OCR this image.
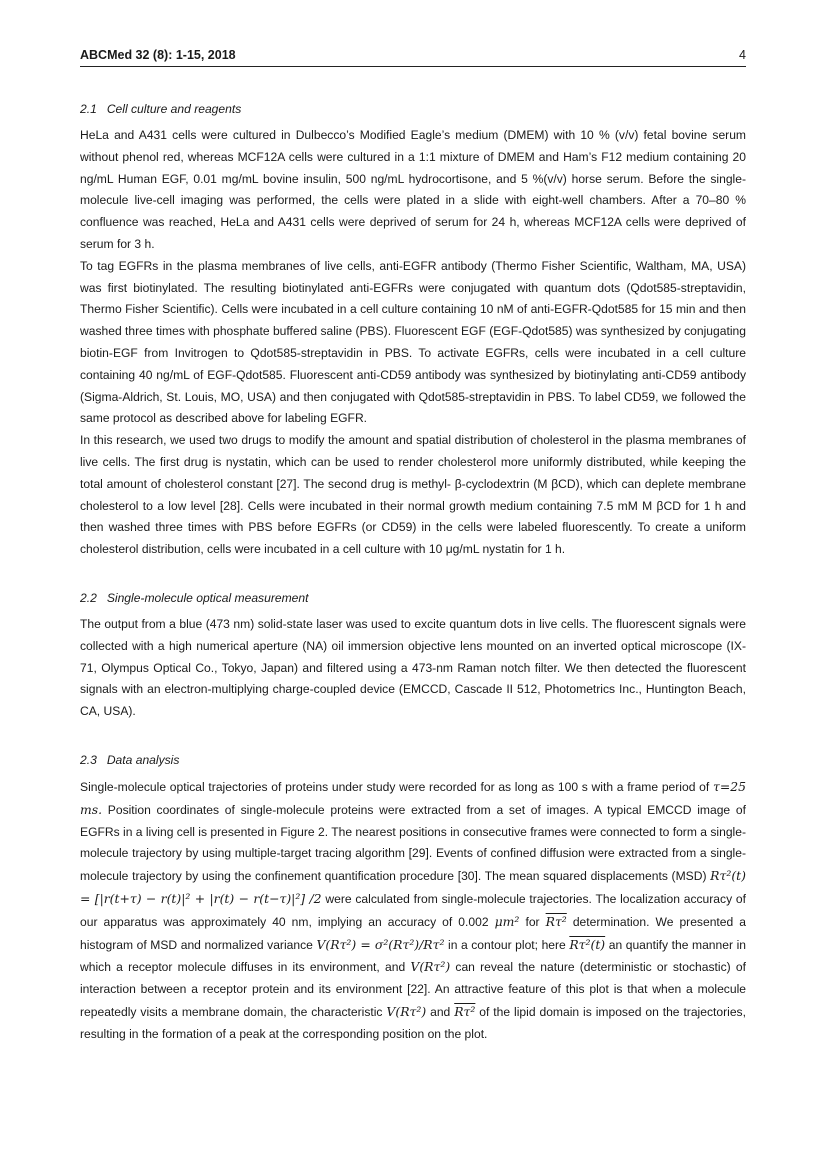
ABCMed 32 (8): 1-15, 2018	4
2.1 Cell culture and reagents

HeLa and A431 cells were cultured in Dulbecco’s Modified Eagle’s medium (DMEM) with 10 % (v/v) fetal bovine serum without phenol red, whereas MCF12A cells were cultured in a 1:1 mixture of DMEM and Ham’s F12 medium containing 20 ng/mL Human EGF, 0.01 mg/mL bovine insulin, 500 ng/mL hydrocortisone, and 5 %(v/v) horse serum. Before the single-molecule live-cell imaging was performed, the cells were plated in a slide with eight-well chambers. After a 70–80 % confluence was reached, HeLa and A431 cells were deprived of serum for 24 h, whereas MCF12A cells were deprived of serum for 3 h.

To tag EGFRs in the plasma membranes of live cells, anti-EGFR antibody (Thermo Fisher Scientific, Waltham, MA, USA) was first biotinylated. The resulting biotinylated anti-EGFRs were conjugated with quantum dots (Qdot585-streptavidin, Thermo Fisher Scientific). Cells were incubated in a cell culture containing 10 nM of anti-EGFR-Qdot585 for 15 min and then washed three times with phosphate buffered saline (PBS). Fluorescent EGF (EGF-Qdot585) was synthesized by conjugating biotin-EGF from Invitrogen to Qdot585-streptavidin in PBS. To activate EGFRs, cells were incubated in a cell culture containing 40 ng/mL of EGF-Qdot585. Fluorescent anti-CD59 antibody was synthesized by biotinylating anti-CD59 antibody (Sigma-Aldrich, St. Louis, MO, USA) and then conjugated with Qdot585-streptavidin in PBS. To label CD59, we followed the same protocol as described above for labeling EGFR.

In this research, we used two drugs to modify the amount and spatial distribution of cholesterol in the plasma membranes of live cells. The first drug is nystatin, which can be used to render cholesterol more uniformly distributed, while keeping the total amount of cholesterol constant [27]. The second drug is methyl- β-cyclodextrin (M βCD), which can deplete membrane cholesterol to a low level [28]. Cells were incubated in their normal growth medium containing 7.5 mM M βCD for 1 h and then washed three times with PBS before EGFRs (or CD59) in the cells were labeled fluorescently. To create a uniform cholesterol distribution, cells were incubated in a cell culture with 10 μg/mL nystatin for 1 h.

2.2 Single-molecule optical measurement

The output from a blue (473 nm) solid-state laser was used to excite quantum dots in live cells. The fluorescent signals were collected with a high numerical aperture (NA) oil immersion objective lens mounted on an inverted optical microscope (IX-71, Olympus Optical Co., Tokyo, Japan) and filtered using a 473-nm Raman notch filter. We then detected the fluorescent signals with an electron-multiplying charge-coupled device (EMCCD, Cascade II 512, Photometrics Inc., Huntington Beach, CA, USA).

2.3 Data analysis

Single-molecule optical trajectories of proteins under study were recorded for as long as 100 s with a frame period of τ=25 ms. Position coordinates of single-molecule proteins were extracted from a set of images. A typical EMCCD image of EGFRs in a living cell is presented in Figure 2. The nearest positions in consecutive frames were connected to form a single-molecule trajectory by using multiple-target tracing algorithm [29]. Events of confined diffusion were extracted from a single-molecule trajectory by using the confinement quantification procedure [30]. The mean squared displacements (MSD) Rτ²(t) = [|r(t+τ) − r(t)|² + |r(t) − r(t−τ)|²] /2 were calculated from single-molecule trajectories. The localization accuracy of our apparatus was approximately 40 nm, implying an accuracy of 0.002 μm² for Rτ² determination. We presented a histogram of MSD and normalized variance V(Rτ²) = σ²(Rτ²)/Rτ² in a contour plot; here Rτ²(t) an quantify the manner in which a receptor molecule diffuses in its environment, and V(Rτ²) can reveal the nature (deterministic or stochastic) of interaction between a receptor protein and its environment [22]. An attractive feature of this plot is that when a molecule repeatedly visits a membrane domain, the characteristic V(Rτ²) and Rτ² of the lipid domain is imposed on the trajectories, resulting in the formation of a peak at the corresponding position on the plot.
